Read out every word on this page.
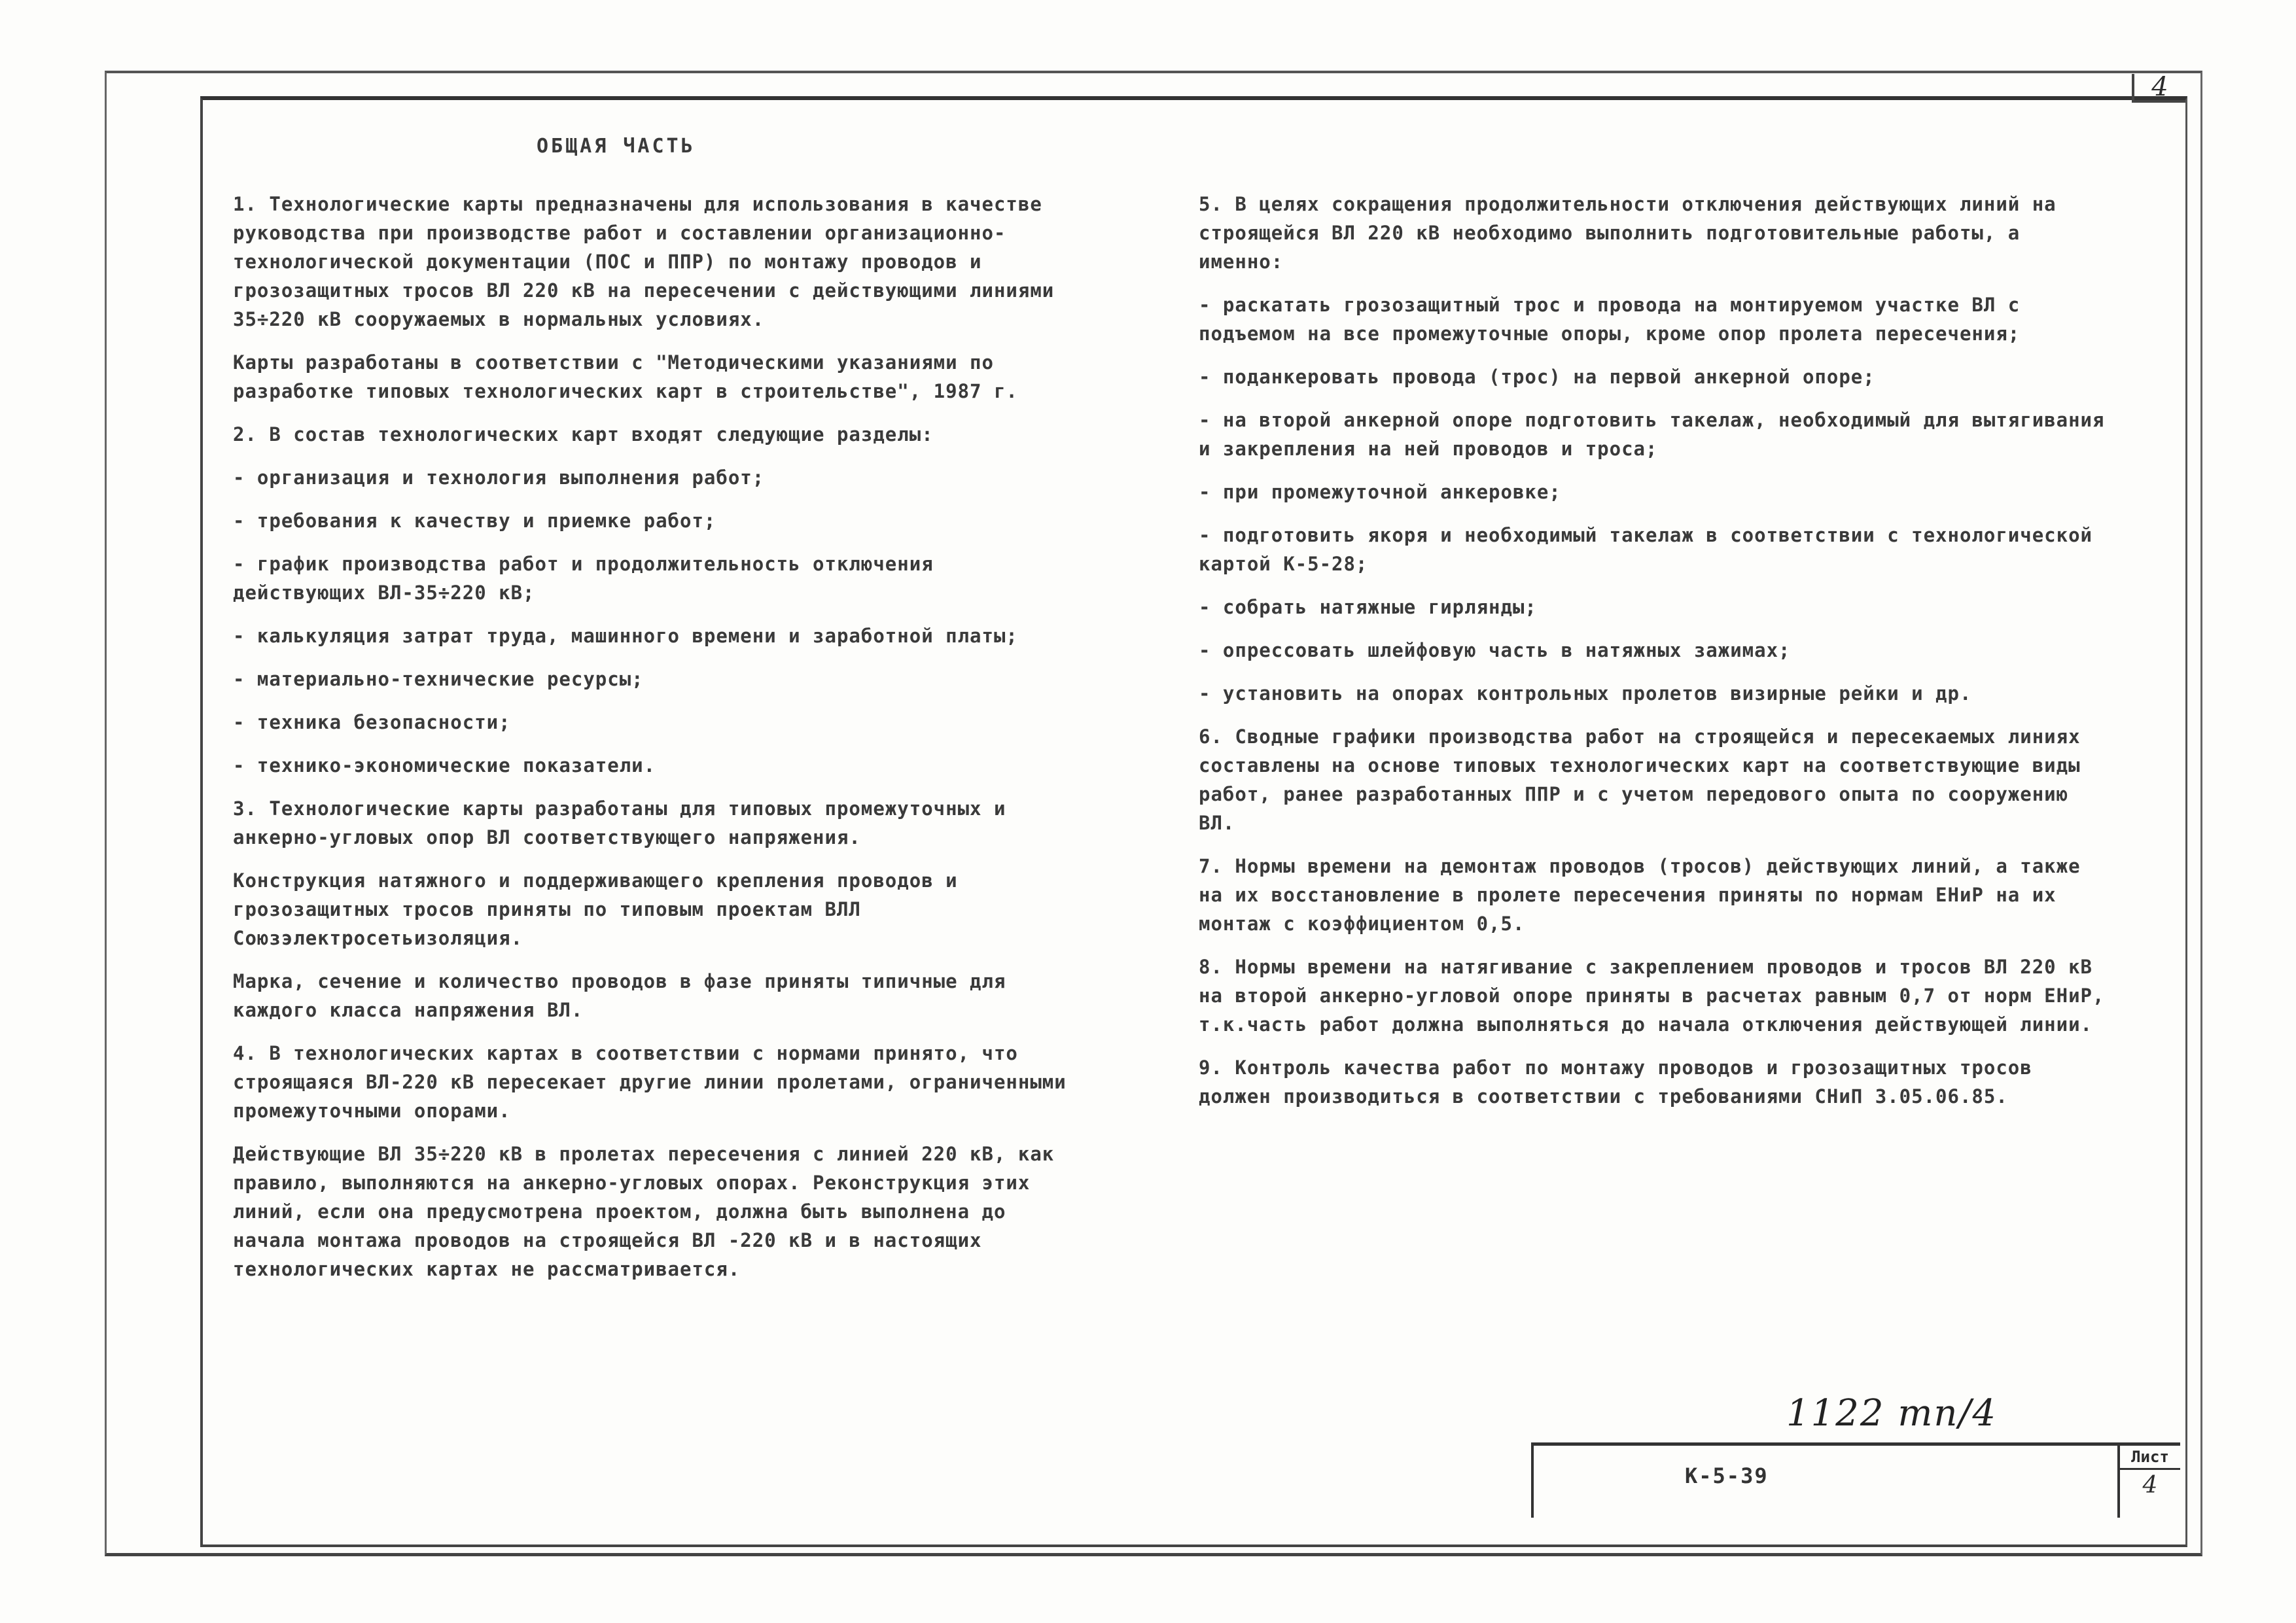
4
ОБЩАЯ ЧАСТЬ

1. Технологические карты предназначены для использования в качестве руководства при производстве работ и составлении организационно-технологической документации (ПОС и ППР) по монтажу проводов и грозозащитных тросов ВЛ 220 кВ на пересечении с действующими линиями 35÷220 кВ сооружаемых в нормальных условиях.

Карты разработаны в соответствии с "Методическими указаниями по разработке типовых технологических карт в строительстве", 1987 г.

2. В состав технологических карт входят следующие разделы:

- организация и технология выполнения работ;

- требования к качеству и приемке работ;

- график производства работ и продолжительность отключения действующих ВЛ-35÷220 кВ;

- калькуляция затрат труда, машинного времени и заработной платы;

- материально-технические ресурсы;

- техника безопасности;

- технико-экономические показатели.

3. Технологические карты разработаны для типовых промежуточных и анкерно-угловых опор ВЛ соответствующего напряжения.

Конструкция натяжного и поддерживающего крепления проводов и грозозащитных тросов приняты по типовым проектам ВЛЛ Союзэлектросетьизоляция.

Марка, сечение и количество проводов в фазе приняты типичные для каждого класса напряжения ВЛ.

4. В технологических картах в соответствии с нормами принято, что строящаяся ВЛ-220 кВ пересекает другие линии пролетами, ограниченными промежуточными опорами.

Действующие ВЛ 35÷220 кВ в пролетах пересечения с линией 220 кВ, как правило, выполняются на анкерно-угловых опорах. Реконструкция этих линий, если она предусмотрена проектом, должна быть выполнена до начала монтажа проводов на строящейся ВЛ -220 кВ и в настоящих технологических картах не рассматривается.

5. В целях сокращения продолжительности отключения действующих линий на строящейся ВЛ 220 кВ необходимо выполнить подготовительные работы, а именно:

- раскатать грозозащитный трос и провода на монтируемом участке ВЛ с подъемом на все промежуточные опоры, кроме опор пролета пересечения;

- поданкеровать провода (трос) на первой анкерной опоре;

- на второй анкерной опоре подготовить такелаж, необходимый для вытягивания и закрепления на ней проводов и троса;

- при промежуточной анкеровке;

- подготовить якоря и необходимый такелаж в соответствии с технологической картой К-5-28;

- собрать натяжные гирлянды;

- опрессовать шлейфовую часть в натяжных зажимах;

- установить на опорах контрольных пролетов визирные рейки и др.

6. Сводные графики производства работ на строящейся и пересекаемых линиях составлены на основе типовых технологических карт на соответствующие виды работ, ранее разработанных ППР и с учетом передового опыта по сооружению ВЛ.

7. Нормы времени на демонтаж проводов (тросов) действующих линий, а также на их восстановление в пролете пересечения приняты по нормам ЕНиР на их монтаж с коэффициентом 0,5.

8. Нормы времени на натягивание с закреплением проводов и тросов ВЛ 220 кВ на второй анкерно-угловой опоре приняты в расчетах равным 0,7 от норм ЕНиР, т.к.часть работ должна выполняться до начала отключения действующей линии.

9. Контроль качества работ по монтажу проводов и грозозащитных тросов должен производиться в соответствии с требованиями СНиП 3.05.06.85.

1122 тп/4
К-5-39
Лист
4
